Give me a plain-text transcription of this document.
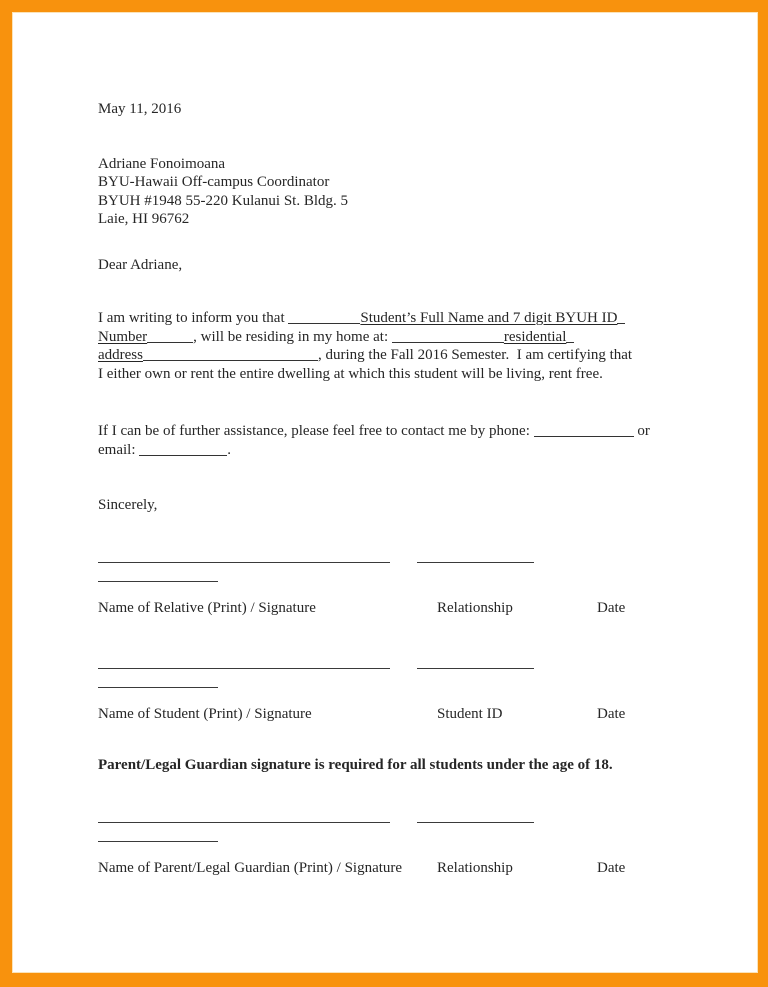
May 11, 2016
Adriane Fonoimoana
BYU-Hawaii Off-campus Coordinator
BYUH #1948 55-220 Kulanui St. Bldg. 5
Laie, HI 96762
Dear Adriane,
I am writing to inform you that	Student’s Full Name and 7 digit BYUH ID
Number	, will be residing in my home at:	residential
address	, during the Fall 2016 Semester.  I am certifying that
I either own or rent the entire dwelling at which this student will be living, rent free.
If I can be of further assistance, please feel free to contact me by phone:	or
email:	.
Sincerely,
Name of Relative (Print) / Signature	Relationship	Date
Name of Student (Print) / Signature	Student ID	Date
Parent/Legal Guardian signature is required for all students under the age of 18.
Name of Parent/Legal Guardian (Print) / Signature	Relationship	Date
